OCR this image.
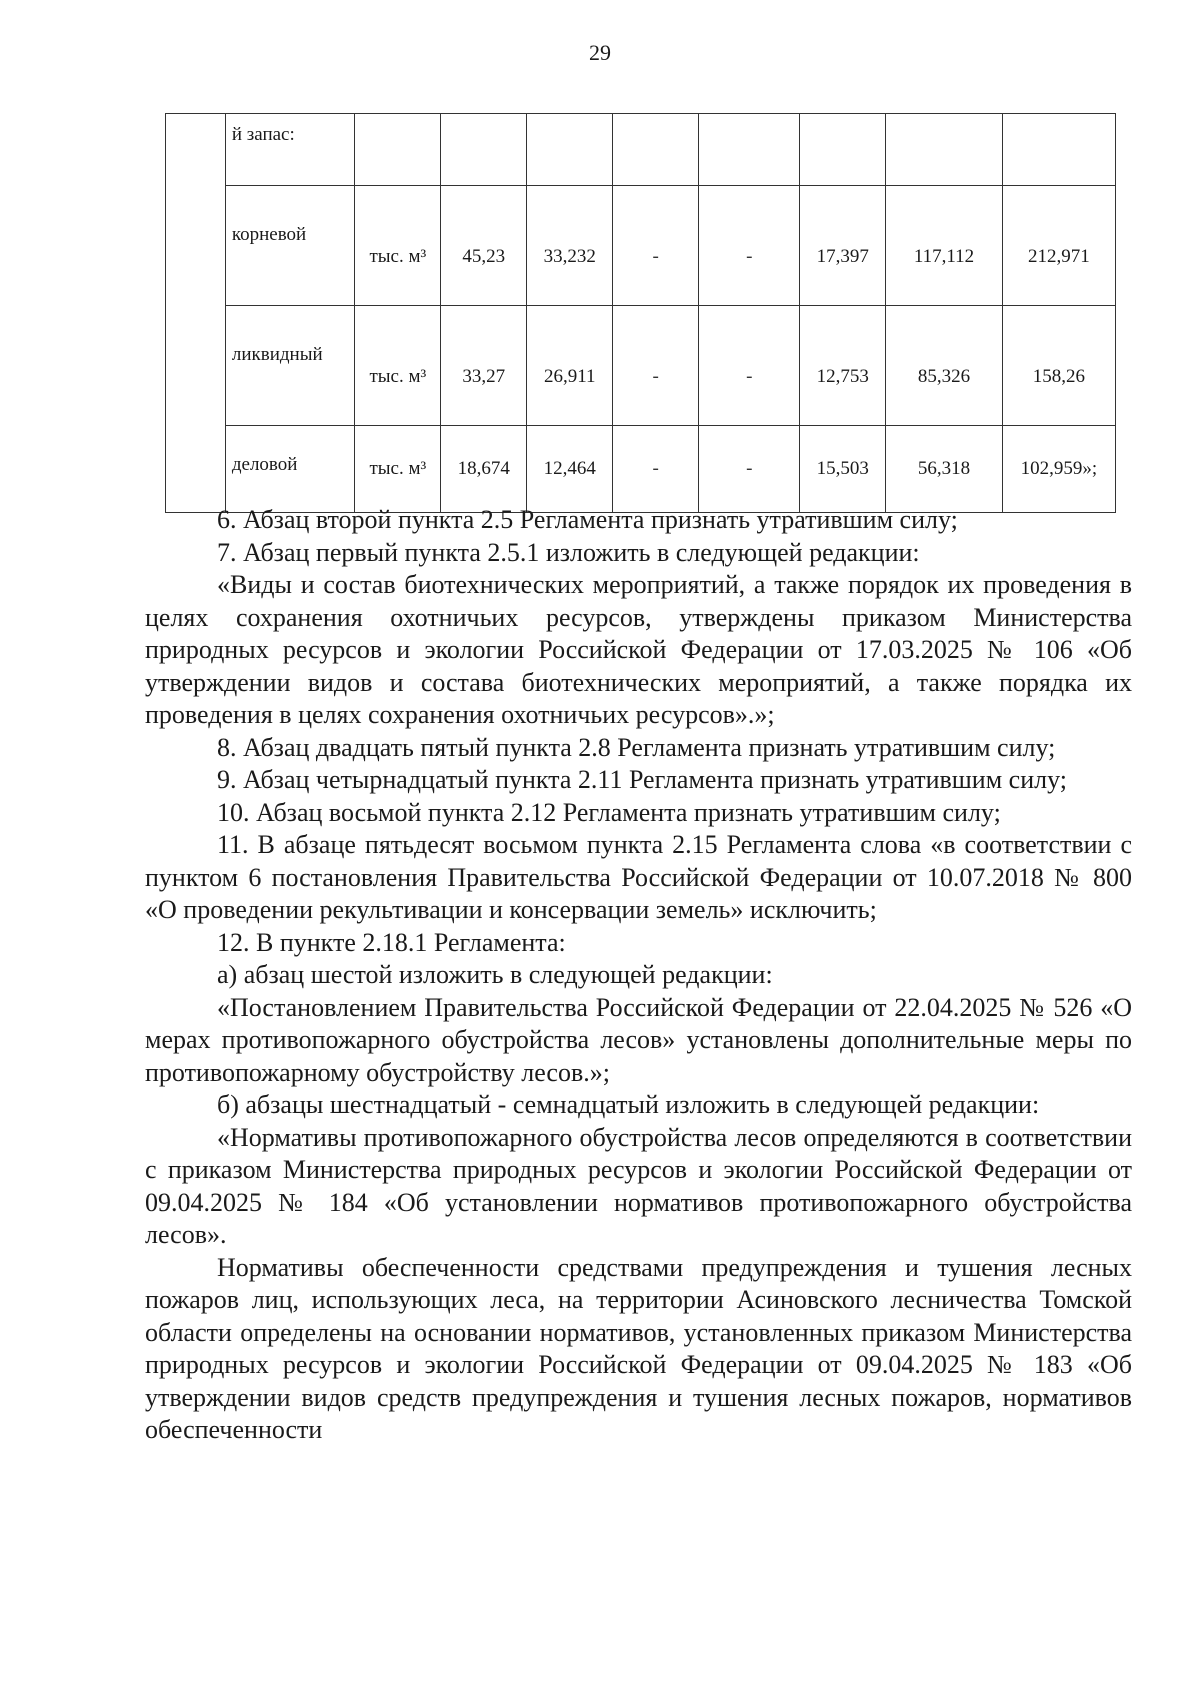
29

	й запас:								

	корневой	тыс. м³	45,23	33,232	-	-	17,397	117,112	212,971

	ликвидный	тыс. м³	33,27	26,911	-	-	12,753	85,326	158,26

	деловой	тыс. м³	18,674	12,464	-	-	15,503	56,318	102,959»;

6. Абзац второй пункта 2.5 Регламента признать утратившим силу;

7. Абзац первый пункта 2.5.1 изложить в следующей редакции:

«Виды и состав биотехнических мероприятий, а также порядок их проведения в целях сохранения охотничьих ресурсов, утверждены приказом Министерства природных ресурсов и экологии Российской Федерации от 17.03.2025 № 106 «Об утверждении видов и состава биотехнических мероприятий, а также порядка их проведения в целях сохранения охотничьих ресурсов».»;

8. Абзац двадцать пятый пункта 2.8 Регламента признать утратившим силу;

9. Абзац четырнадцатый пункта 2.11 Регламента признать утратившим силу;

10. Абзац восьмой пункта 2.12 Регламента признать утратившим силу;

11. В абзаце пятьдесят восьмом пункта 2.15 Регламента слова «в соответствии с пунктом 6 постановления Правительства Российской Федерации от 10.07.2018 № 800 «О проведении рекультивации и консервации земель» исключить;

12. В пункте 2.18.1 Регламента:

а) абзац шестой изложить в следующей редакции:

«Постановлением Правительства Российской Федерации от 22.04.2025 № 526 «О мерах противопожарного обустройства лесов» установлены дополнительные меры по противопожарному обустройству лесов.»;

б) абзацы шестнадцатый - семнадцатый изложить в следующей редакции:

«Нормативы противопожарного обустройства лесов определяются в соответствии с приказом Министерства природных ресурсов и экологии Российской Федерации от 09.04.2025 № 184 «Об установлении нормативов противопожарного обустройства лесов».

Нормативы обеспеченности средствами предупреждения и тушения лесных пожаров лиц, использующих леса, на территории Асиновского лесничества Томской области определены на основании нормативов, установленных приказом Министерства природных ресурсов и экологии Российской Федерации от 09.04.2025 № 183 «Об утверждении видов средств предупреждения и тушения лесных пожаров, нормативов обеспеченности
